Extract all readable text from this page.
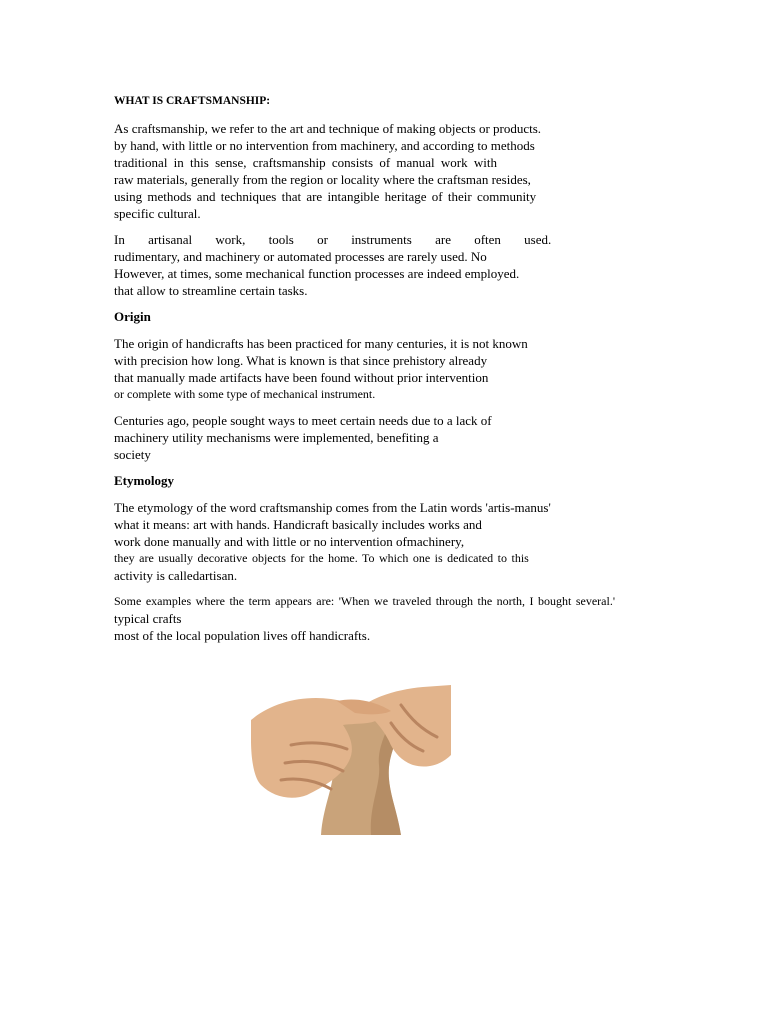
WHAT IS CRAFTSMANSHIP:
As craftsmanship, we refer to the art and technique of making objects or products.
by hand, with little or no intervention from machinery, and according to methods
traditional in this sense, craftsmanship consists of manual work with
raw materials, generally from the region or locality where the craftsman resides,
using methods and techniques that are intangible heritage of their community
specific cultural.
In artisanal work, tools or instruments are often used.
rudimentary, and machinery or automated processes are rarely used. No
However, at times, some mechanical function processes are indeed employed.
that allow to streamline certain tasks.
Origin
The origin of handicrafts has been practiced for many centuries, it is not known
with precision how long. What is known is that since prehistory already
that manually made artifacts have been found without prior intervention
or complete with some type of mechanical instrument.
Centuries ago, people sought ways to meet certain needs due to a lack of
machinery utility mechanisms were implemented, benefiting a
society
Etymology
The etymology of the word craftsmanship comes from the Latin words 'artis-manus'
what it means: art with hands. Handicraft basically includes works and
work done manually and with little or no intervention ofmachinery,
they are usually decorative objects for the home. To which one is dedicated to this
activity is calledartisan.
Some examples where the term appears are: 'When we traveled through the north, I bought several.'
typical crafts
most of the local population lives off handicrafts.
